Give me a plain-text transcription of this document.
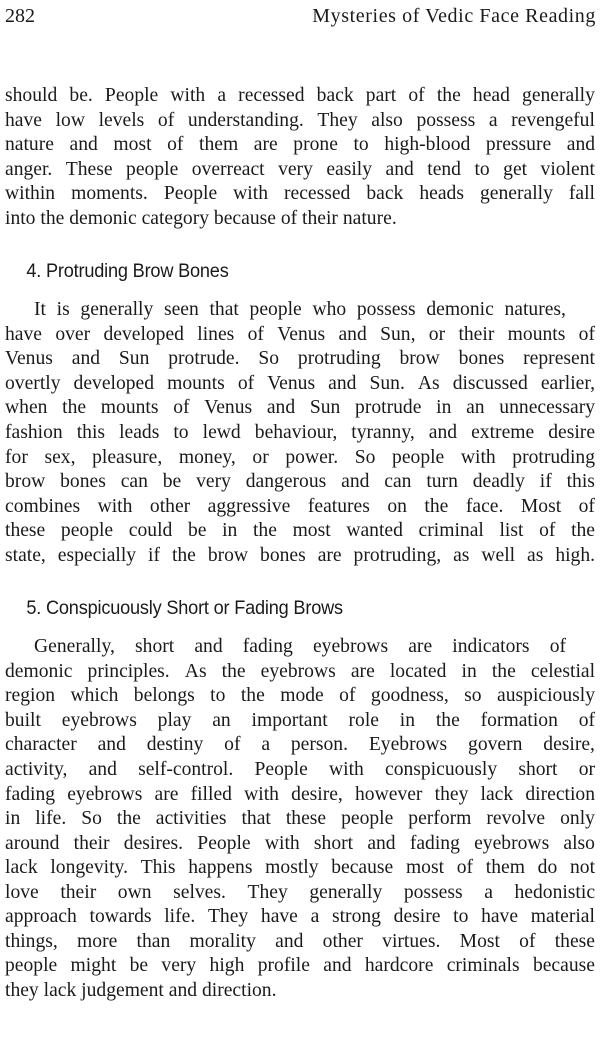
282	Mysteries of Vedic Face Reading

should be. People with a recessed back part of the head generally
have low levels of understanding. They also possess a revengeful
nature and most of them are prone to high-blood pressure and
anger. These people overreact very easily and tend to get violent
within moments. People with recessed back heads generally fall
into the demonic category because of their nature.

4. Protruding Brow Bones

It is generally seen that people who possess demonic natures,
have over developed lines of Venus and Sun, or their mounts of
Venus and Sun protrude. So protruding brow bones represent
overtly developed mounts of Venus and Sun. As discussed earlier,
when the mounts of Venus and Sun protrude in an unnecessary
fashion this leads to lewd behaviour, tyranny, and extreme desire
for sex, pleasure, money, or power. So people with protruding
brow bones can be very dangerous and can turn deadly if this
combines with other aggressive features on the face. Most of
these people could be in the most wanted criminal list of the
state, especially if the brow bones are protruding, as well as high.

5. Conspicuously Short or Fading Brows

Generally, short and fading eyebrows are indicators of
demonic principles. As the eyebrows are located in the celestial
region which belongs to the mode of goodness, so auspiciously
built eyebrows play an important role in the formation of
character and destiny of a person. Eyebrows govern desire,
activity, and self-control. People with conspicuously short or
fading eyebrows are filled with desire, however they lack direction
in life. So the activities that these people perform revolve only
around their desires. People with short and fading eyebrows also
lack longevity. This happens mostly because most of them do not
love their own selves. They generally possess a hedonistic
approach towards life. They have a strong desire to have material
things, more than morality and other virtues. Most of these
people might be very high profile and hardcore criminals because
they lack judgement and direction.
